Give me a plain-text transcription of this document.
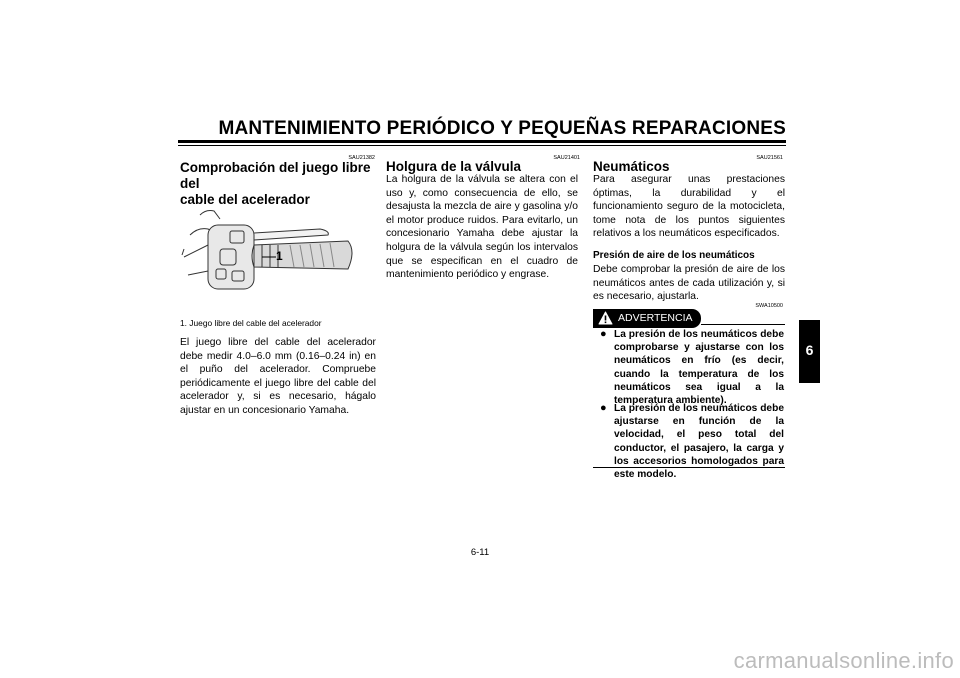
MANTENIMIENTO PERIÓDICO Y PEQUEÑAS REPARACIONES
SAU21382
Comprobación del juego libre del
cable del acelerador
1
1. Juego libre del cable del acelerador
El juego libre del cable del acelerador debe medir 4.0–6.0 mm (0.16–0.24 in) en el puño del acelerador. Compruebe periódicamente el juego libre del cable del acelerador y, si es necesario, hágalo ajustar en un concesionario Yamaha.
SAU21401
Holgura de la válvula
La holgura de la válvula se altera con el uso y, como consecuencia de ello, se desajusta la mezcla de aire y gasolina y/o el motor produce ruidos. Para evitarlo, un concesionario Yamaha debe ajustar la holgura de la válvula según los intervalos que se especifican en el cuadro de mantenimiento periódico y engrase.
SAU21561
Neumáticos
Para asegurar unas prestaciones óptimas, la durabilidad y el funcionamiento seguro de la motocicleta, tome nota de los puntos siguientes relativos a los neumáticos especificados.
Presión de aire de los neumáticos
Debe comprobar la presión de aire de los neumáticos antes de cada utilización y, si es necesario, ajustarla.
SWA10500
ADVERTENCIA
● La presión de los neumáticos debe comprobarse y ajustarse con los neumáticos en frío (es decir, cuando la temperatura de los neumáticos sea igual a la temperatura ambiente).
● La presión de los neumáticos debe ajustarse en función de la velocidad, el peso total del conductor, el pasajero, la carga y los accesorios homologados para este modelo.
6
6-11
carmanualsonline.info
